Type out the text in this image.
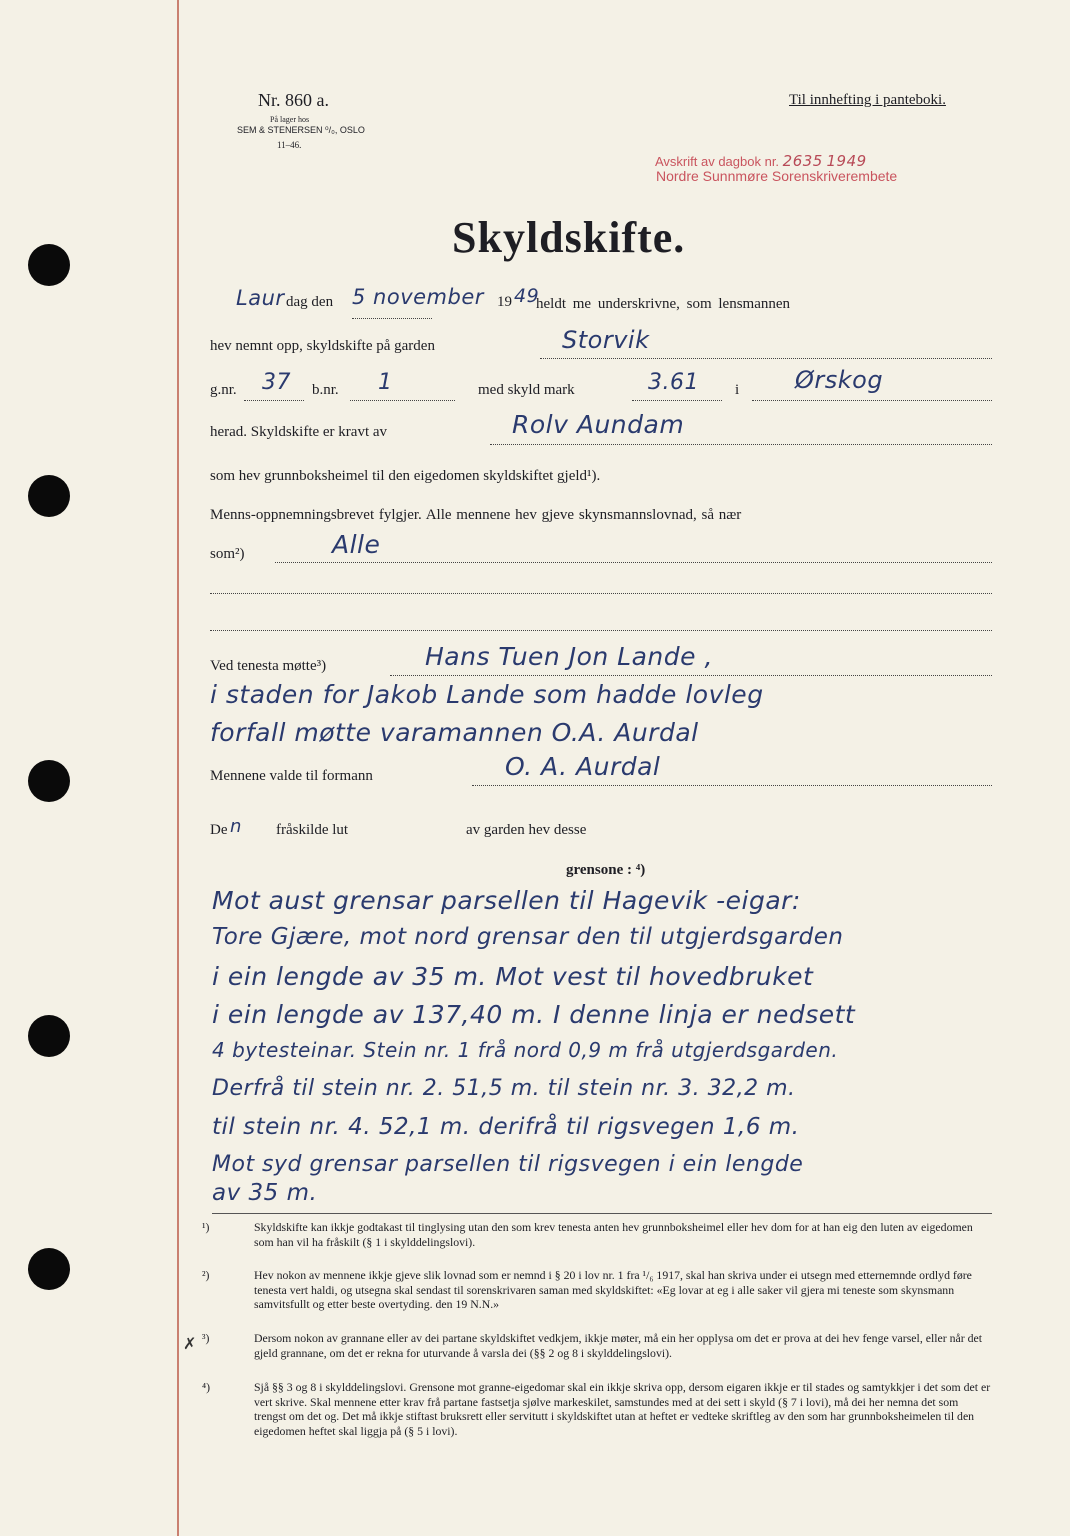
Nr. 860 a.
På lager hos
SEM & STENERSEN ⁰/₀, OSLO
11–46.
Til innhefting i panteboki.
Avskrift av dagbok nr. 2635 1949
Nordre Sunnmøre Sorenskriverembete
Skyldskifte.
Laur dag den 5 november 19 49
heldt me underskrivne, som lensmannen
hev nemnt opp, skyldskifte på garden	Storvik
g.nr. 37 b.nr. 1	med skyld mark	3.61 i Ørskog
herad. Skyldskifte er kravt av	Rolv Aundam
som hev grunnboksheimel til den eigedomen skyldskiftet gjeld¹).
Menns-oppnemningsbrevet fylgjer. Alle mennene hev gjeve skynsmannslovnad, så nær
som²)	Alle
Ved tenesta møtte³)	Hans Tuen Jon Lande ,
i staden for Jakob Lande som hadde lovleg
forfall møtte varamannen O.A. Aurdal
Mennene valde til formann	O. A. Aurdal
De n fråskilde lut	av garden hev desse
grensone : ⁴)
Mot aust grensar parsellen til Hagevik -eigar:
Tore Gjære, mot nord grensar den til utgjerdsgarden
i ein lengde av 35 m. Mot vest til hovedbruket
i ein lengde av 137,40 m. I denne linja er nedsett
4 bytesteinar. Stein nr. 1 frå nord 0,9 m frå utgjerdsgarden.
Derfrå til stein nr. 2. 51,5 m. til stein nr. 3. 32,2 m.
til stein nr. 4. 52,1 m. derifrå til rigsvegen 1,6 m.
Mot syd grensar parsellen til rigsvegen i ein lengde
av 35 m.
¹)	Skyldskifte kan ikkje godtakast til tinglysing utan den som krev tenesta anten hev grunnboksheimel eller hev dom for at han eig den luten av eigedomen som han vil ha fråskilt (§ 1 i skylddelingslovi).
²)	Hev nokon av mennene ikkje gjeve slik lovnad som er nemnd i § 20 i lov nr. 1 fra ¹/₆ 1917, skal han skriva under ei utsegn med etternemnde ordlyd føre tenesta vert haldi, og utsegna skal sendast til sorenskrivaren saman med skyldskiftet: «Eg lovar at eg i alle saker vil gjera mi teneste som skynsmann samvitsfullt og etter beste overtyding. den 19 N.N.»
✗ ³)	Dersom nokon av grannane eller av dei partane skyldskiftet vedkjem, ikkje møter, må ein her opplysa om det er prova at dei hev fenge varsel, eller når det gjeld grannane, om det er rekna for uturvande å varsla dei (§§ 2 og 8 i skylddelingslovi).
⁴)	Sjå §§ 3 og 8 i skylddelingslovi. Grensone mot granne-eigedomar skal ein ikkje skriva opp, dersom eigaren ikkje er til stades og samtykkjer i det som det er vert skrive. Skal mennene etter krav frå partane fastsetja sjølve markeskilet, samstundes med at dei sett i skyld (§ 7 i lovi), må dei her nemna det som trengst om det og. Det må ikkje stiftast bruksrett eller servitutt i skyldskiftet utan at heftet er vedteke skriftleg av den som har grunnboksheimelen til den eigedomen heftet skal liggja på (§ 5 i lovi).
